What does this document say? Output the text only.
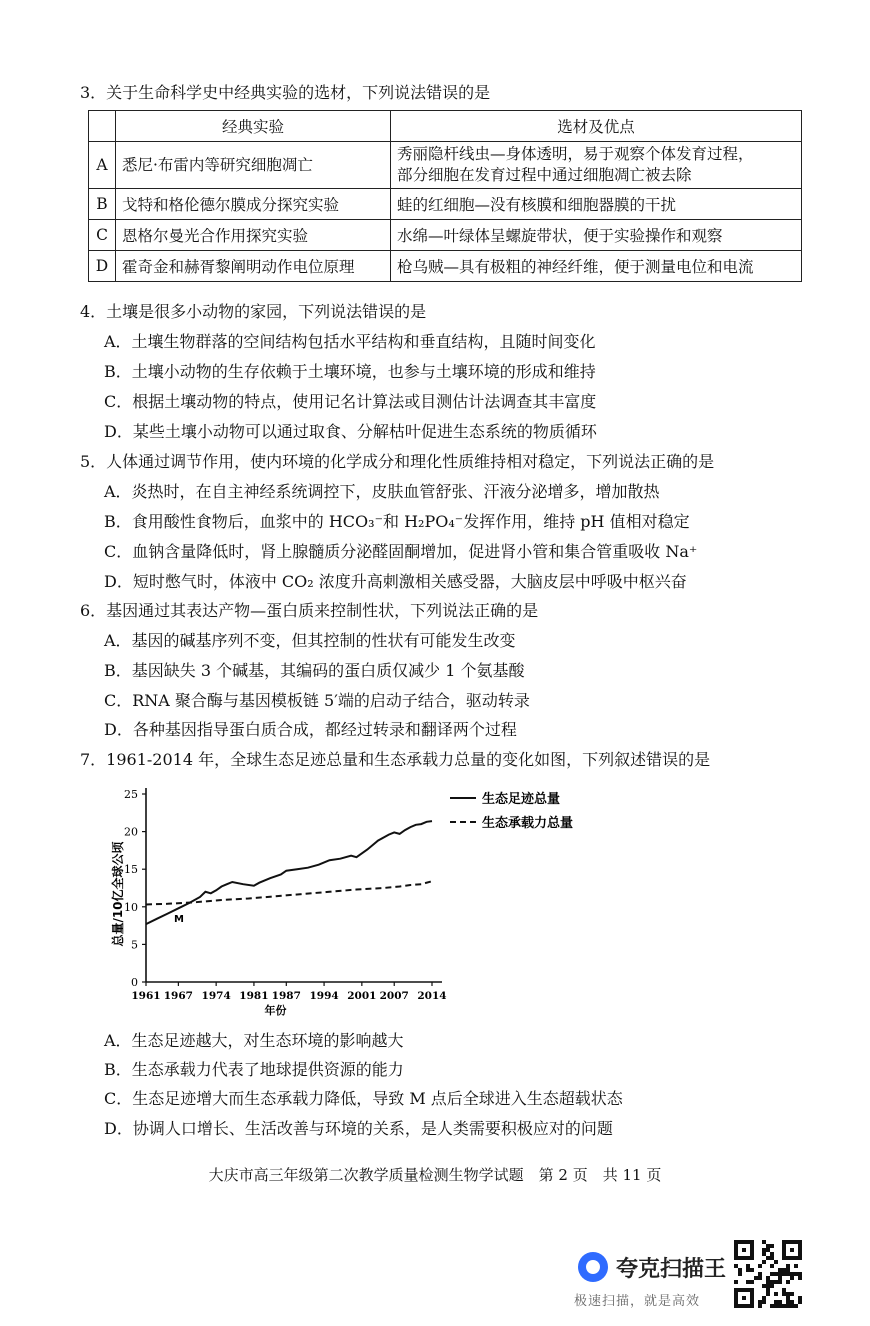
3．关于生命科学史中经典实验的选材，下列说法错误的是
	经典实验	选材及优点
A	悉尼·布雷内等研究细胞凋亡	秀丽隐杆线虫—身体透明，易于观察个体发育过程，
部分细胞在发育过程中通过细胞凋亡被去除

B	戈特和格伦德尔膜成分探究实验	蛙的红细胞—没有核膜和细胞器膜的干扰
C	恩格尔曼光合作用探究实验	水绵—叶绿体呈螺旋带状，便于实验操作和观察
D	霍奇金和赫胥黎阐明动作电位原理	枪乌贼—具有极粗的神经纤维，便于测量电位和电流
4．土壤是很多小动物的家园，下列说法错误的是
A．土壤生物群落的空间结构包括水平结构和垂直结构，且随时间变化
B．土壤小动物的生存依赖于土壤环境，也参与土壤环境的形成和维持
C．根据土壤动物的特点，使用记名计算法或目测估计法调查其丰富度
D．某些土壤小动物可以通过取食、分解枯叶促进生态系统的物质循环
5．人体通过调节作用，使内环境的化学成分和理化性质维持相对稳定，下列说法正确的是
A．炎热时，在自主神经系统调控下，皮肤血管舒张、汗液分泌增多，增加散热
B．食用酸性食物后，血浆中的 HCO₃⁻和 H₂PO₄⁻发挥作用，维持 pH 值相对稳定
C．血钠含量降低时，肾上腺髓质分泌醛固酮增加，促进肾小管和集合管重吸收 Na⁺
D．短时憋气时，体液中 CO₂ 浓度升高刺激相关感受器，大脑皮层中呼吸中枢兴奋
6．基因通过其表达产物—蛋白质来控制性状，下列说法正确的是
A．基因的碱基序列不变，但其控制的性状有可能发生改变
B．基因缺失 3 个碱基，其编码的蛋白质仅减少 1 个氨基酸
C．RNA 聚合酶与基因模板链 5′端的启动子结合，驱动转录
D．各种基因指导蛋白质合成，都经过转录和翻译两个过程
7．1961-2014 年，全球生态足迹总量和生态承载力总量的变化如图，下列叙述错误的是
0
5
10
15
20
25
1961 1967 1974 1981 1987 1994 2001 2007 2014
年份
总量/10亿全球公顷	M
生态足迹总量
生态承载力总量
A．生态足迹越大，对生态环境的影响越大
B．生态承载力代表了地球提供资源的能力
C．生态足迹增大而生态承载力降低，导致 M 点后全球进入生态超载状态
D．协调人口增长、生活改善与环境的关系，是人类需要积极应对的问题
大庆市高三年级第二次教学质量检测生物学试题　第 2 页　共 11 页
夸克扫描王
极速扫描，就是高效
